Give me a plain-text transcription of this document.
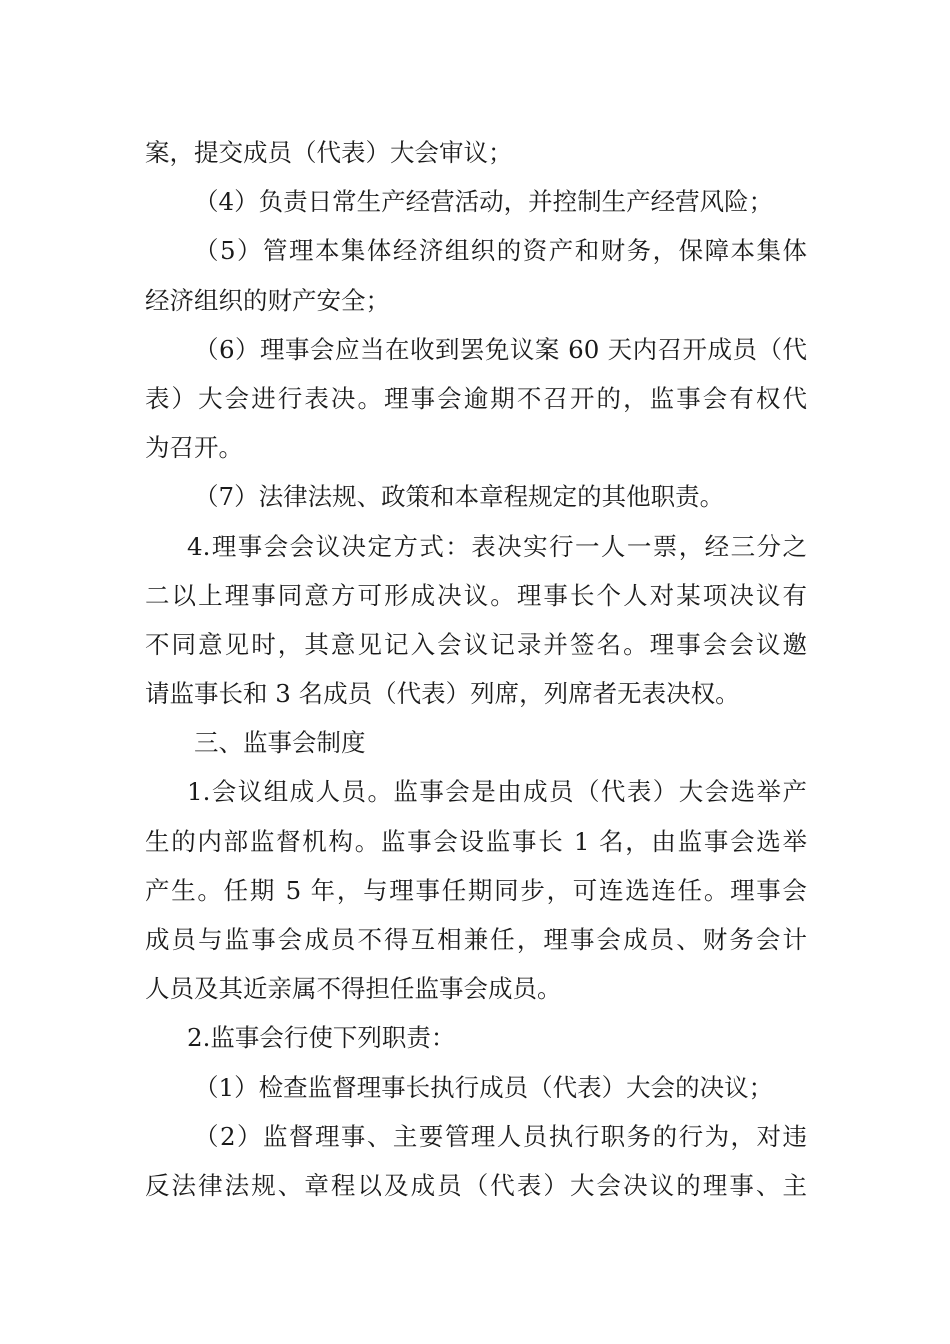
案，提交成员（代表）大会审议；
（4）负责日常生产经营活动，并控制生产经营风险；
（5）管理本集体经济组织的资产和财务，保障本集体
经济组织的财产安全；
（6）理事会应当在收到罢免议案 60 天内召开成员（代
表）大会进行表决。理事会逾期不召开的，监事会有权代
为召开。
（7）法律法规、政策和本章程规定的其他职责。
4.理事会会议决定方式：表决实行一人一票，经三分之
二以上理事同意方可形成决议。理事长个人对某项决议有
不同意见时，其意见记入会议记录并签名。理事会会议邀
请监事长和 3 名成员（代表）列席，列席者无表决权。
三、监事会制度
1.会议组成人员。监事会是由成员（代表）大会选举产
生的内部监督机构。监事会设监事长 1 名，由监事会选举
产生。任期 5 年，与理事任期同步，可连选连任。理事会
成员与监事会成员不得互相兼任，理事会成员、财务会计
人员及其近亲属不得担任监事会成员。
2.监事会行使下列职责：
（1）检查监督理事长执行成员（代表）大会的决议；
（2）监督理事、主要管理人员执行职务的行为，对违
反法律法规、章程以及成员（代表）大会决议的理事、主
